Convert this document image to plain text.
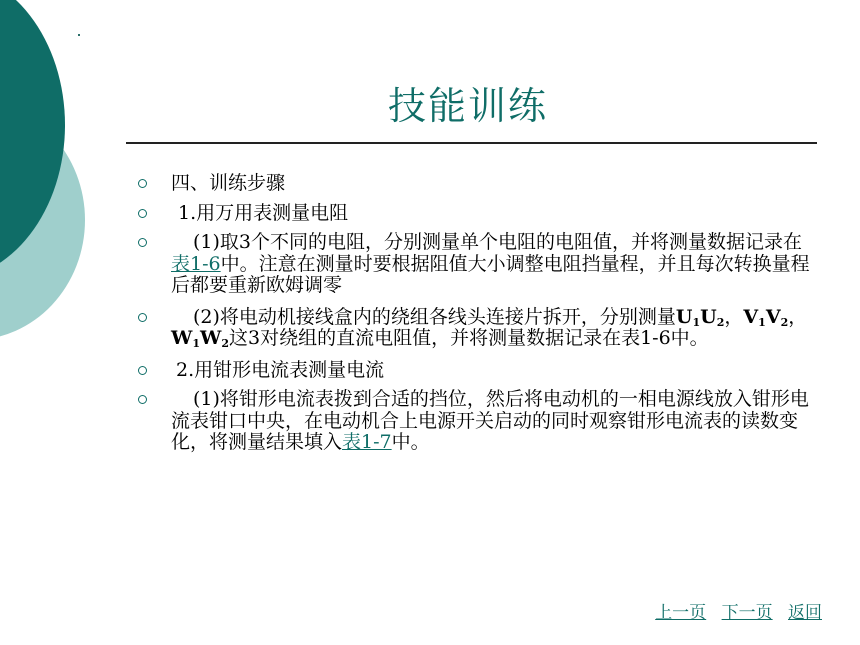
技能训练
四、训练步骤
1.用万用表测量电阻
(1)取3个不同的电阻，分别测量单个电阻的电阻值，并将测量数据记录在表1-6中。注意在测量时要根据阻值大小调整电阻挡量程，并且每次转换量程后都要重新欧姆调零
(2)将电动机接线盒内的绕组各线头连接片拆开，分别测量$U_1U_2$，$V_1V_2$，$W_1W_2$这3对绕组的直流电阻值，并将测量数据记录在表1-6中。
2.用钳形电流表测量电流
(1)将钳形电流表拨到合适的挡位，然后将电动机的一相电源线放入钳形电流表钳口中央，在电动机合上电源开关启动的同时观察钳形电流表的读数变化，将测量结果填入表1-7中。
上一页 下一页 返回
